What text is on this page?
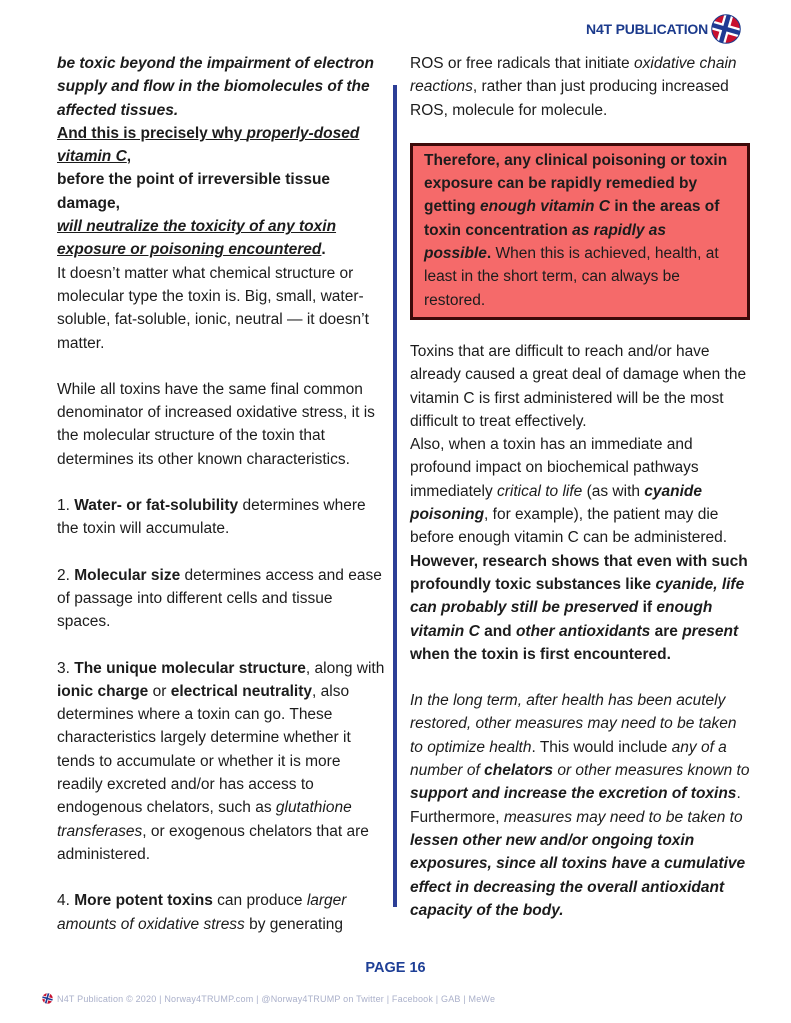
N4T PUBLICATION

be toxic beyond the impairment of electron supply and flow in the biomolecules of the affected tissues.

And this is precisely why properly-dosed vitamin C,

before the point of irreversible tissue damage,

will neutralize the toxicity of any toxin exposure or poisoning encountered.

It doesn’t matter what chemical structure or molecular type the toxin is. Big, small, water-soluble, fat-soluble, ionic, neutral — it doesn’t matter.

While all toxins have the same final common denominator of increased oxidative stress, it is the molecular structure of the toxin that determines its other known characteristics.

1. Water- or fat-solubility determines where the toxin will accumulate.

2. Molecular size determines access and ease of passage into different cells and tissue spaces.

3. The unique molecular structure, along with ionic charge or electrical neutrality, also determines where a toxin can go. These characteristics largely determine whether it tends to accumulate or whether it is more readily excreted and/or has access to endogenous chelators, such as glutathione transferases, or exogenous chelators that are administered.

4. More potent toxins can produce larger amounts of oxidative stress by generating

ROS or free radicals that initiate oxidative chain reactions, rather than just producing increased ROS, molecule for molecule.

Therefore, any clinical poisoning or toxin exposure can be rapidly remedied by getting enough vitamin C in the areas of toxin concentration as rapidly as possible. When this is achieved, health, at least in the short term, can always be restored.

Toxins that are difficult to reach and/or have already caused a great deal of damage when the vitamin C is first administered will be the most difficult to treat effectively.

Also, when a toxin has an immediate and profound impact on biochemical pathways immediately critical to life (as with cyanide poisoning, for example), the patient may die before enough vitamin C can be administered.

However, research shows that even with such profoundly toxic substances like cyanide, life can probably still be preserved if enough vitamin C and other antioxidants are present when the toxin is first encountered.

In the long term, after health has been acutely restored, other measures may need to be taken to optimize health. This would include any of a number of chelators or other measures known to support and increase the excretion of toxins. Furthermore, measures may need to be taken to lessen other new and/or ongoing toxin exposures, since all toxins have a cumulative effect in decreasing the overall antioxidant capacity of the body.

PAGE 16
N4T Publication © 2020 | Norway4TRUMP.com | @Norway4TRUMP on Twitter | Facebook | GAB | MeWe
